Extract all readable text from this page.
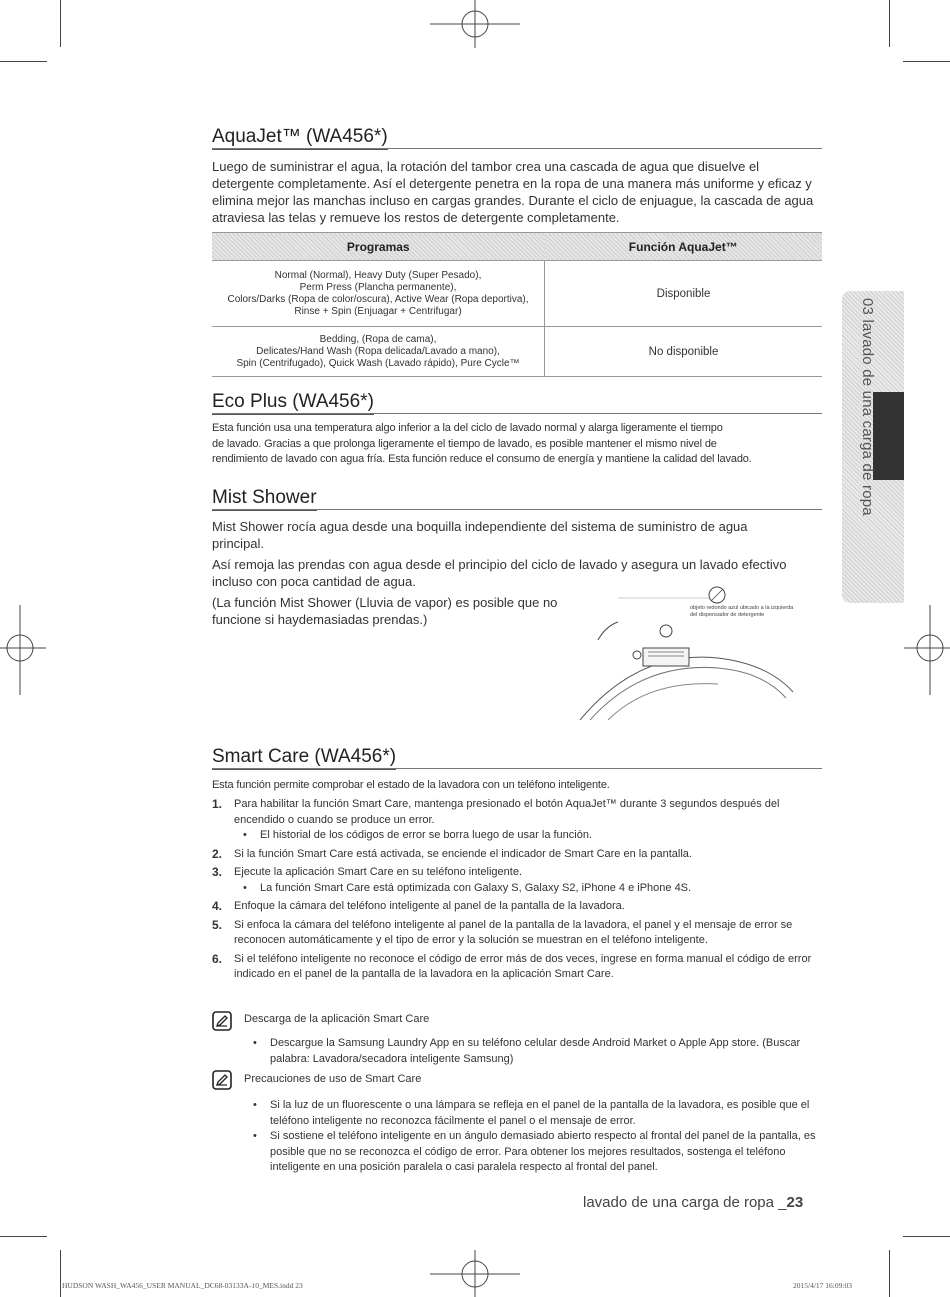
03 lavado de una carga de ropa
AquaJet™ (WA456*)

Luego de suministrar el agua, la rotación del tambor crea una cascada de agua que disuelve el detergente completamente. Así el detergente penetra en la ropa de una manera más uniforme y eficaz y elimina mejor las manchas incluso en cargas grandes. Durante el ciclo de enjuague, la cascada de agua atraviesa las telas y remueve los restos de detergente completamente.

Programas	Función AquaJet™

Normal (Normal), Heavy Duty (Super Pesado),
Perm Press (Plancha permanente),
Colors/Darks (Ropa de color/oscura), Active Wear (Ropa deportiva),
Rinse + Spin (Enjuagar + Centrifugar)	Disponible

Bedding, (Ropa de cama),
Delicates/Hand Wash (Ropa delicada/Lavado a mano),
Spin (Centrifugado), Quick Wash (Lavado rápido), Pure Cycle™	No disponible
Eco Plus (WA456*)
Esta función usa una temperatura algo inferior a la del ciclo de lavado normal y alarga ligeramente el tiempo
de lavado. Gracias a que prolonga ligeramente el tiempo de lavado, es posible mantener el mismo nivel de
rendimiento de lavado con agua fría. Esta función reduce el consumo de energía y mantiene la calidad del lavado.
Mist Shower

Mist Shower rocía agua desde una boquilla independiente del sistema de suministro de agua principal.

Así remoja las prendas con agua desde el principio del ciclo de lavado y asegura un lavado efectivo incluso con poca cantidad de agua.

(La función Mist Shower (Lluvia de vapor) es posible que no funcione si haydemasiadas prendas.)

objeto redondo azul ubicado a la izquierda
del dispensador de detergente
Smart Care (WA456*)
Esta función permite comprobar el estado de la lavadora con un teléfono inteligente.
1. Para habilitar la función Smart Care, mantenga presionado el botón AquaJet™ durante 3 segundos después del encendido o cuando se produce un error.
• El historial de los códigos de error se borra luego de usar la función.
2. Si la función Smart Care está activada, se enciende el indicador de Smart Care en la pantalla.
3. Ejecute la aplicación Smart Care en su teléfono inteligente.
• La función Smart Care está optimizada con Galaxy S, Galaxy S2, iPhone 4 e iPhone 4S.
4. Enfoque la cámara del teléfono inteligente al panel de la pantalla de la lavadora.
5. Si enfoca la cámara del teléfono inteligente al panel de la pantalla de la lavadora, el panel y el mensaje de error se reconocen automáticamente y el tipo de error y la solución se muestran en el teléfono inteligente.
6. Si el teléfono inteligente no reconoce el código de error más de dos veces, ingrese en forma manual el código de error indicado en el panel de la pantalla de la lavadora en la aplicación Smart Care.
Descarga de la aplicación Smart Care
• Descargue la Samsung Laundry App en su teléfono celular desde Android Market o Apple App store. (Buscar palabra: Lavadora/secadora inteligente Samsung)
Precauciones de uso de Smart Care
• Si la luz de un fluorescente o una lámpara se refleja en el panel de la pantalla de la lavadora, es posible que el teléfono inteligente no reconozca fácilmente el panel o el mensaje de error.
• Si sostiene el teléfono inteligente en un ángulo demasiado abierto respecto al frontal del panel de la pantalla, es posible que no se reconozca el código de error. Para obtener los mejores resultados, sostenga el teléfono inteligente en una posición paralela o casi paralela respecto al frontal del panel.
lavado de una carga de ropa _23
HUDSON WASH_WA456_USER MANUAL_DC68-03133A-10_MES.indd 23	2015/4/17 16:09:03
